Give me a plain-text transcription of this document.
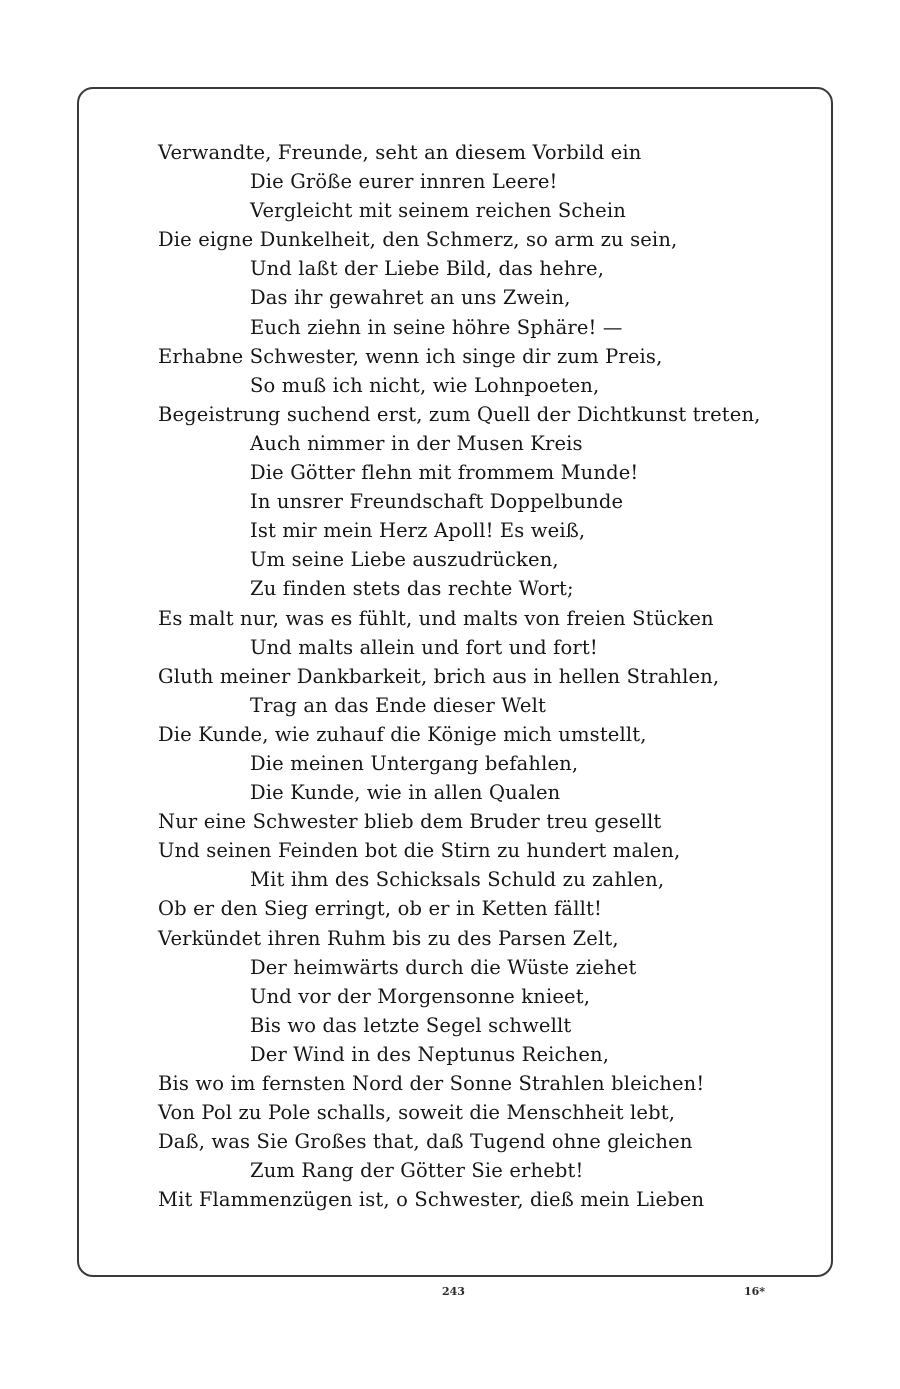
Verwandte, Freunde, seht an diesem Vorbild ein
Die Größe eurer innren Leere!
Vergleicht mit seinem reichen Schein
Die eigne Dunkelheit, den Schmerz, so arm zu sein,
Und laßt der Liebe Bild, das hehre,
Das ihr gewahret an uns Zwein,
Euch ziehn in seine höhre Sphäre! —
Erhabne Schwester, wenn ich singe dir zum Preis,
So muß ich nicht, wie Lohnpoeten,
Begeistrung suchend erst, zum Quell der Dichtkunst treten,
Auch nimmer in der Musen Kreis
Die Götter flehn mit frommem Munde!
In unsrer Freundschaft Doppelbunde
Ist mir mein Herz Apoll! Es weiß,
Um seine Liebe auszudrücken,
Zu finden stets das rechte Wort;
Es malt nur, was es fühlt, und malts von freien Stücken
Und malts allein und fort und fort!
Gluth meiner Dankbarkeit, brich aus in hellen Strahlen,
Trag an das Ende dieser Welt
Die Kunde, wie zuhauf die Könige mich umstellt,
Die meinen Untergang befahlen,
Die Kunde, wie in allen Qualen
Nur eine Schwester blieb dem Bruder treu gesellt
Und seinen Feinden bot die Stirn zu hundert malen,
Mit ihm des Schicksals Schuld zu zahlen,
Ob er den Sieg erringt, ob er in Ketten fällt!
Verkündet ihren Ruhm bis zu des Parsen Zelt,
Der heimwärts durch die Wüste ziehet
Und vor der Morgensonne knieet,
Bis wo das letzte Segel schwellt
Der Wind in des Neptunus Reichen,
Bis wo im fernsten Nord der Sonne Strahlen bleichen!
Von Pol zu Pole schalls, soweit die Menschheit lebt,
Daß, was Sie Großes that, daß Tugend ohne gleichen
Zum Rang der Götter Sie erhebt!
Mit Flammenzügen ist, o Schwester, dieß mein Lieben
243	16*
